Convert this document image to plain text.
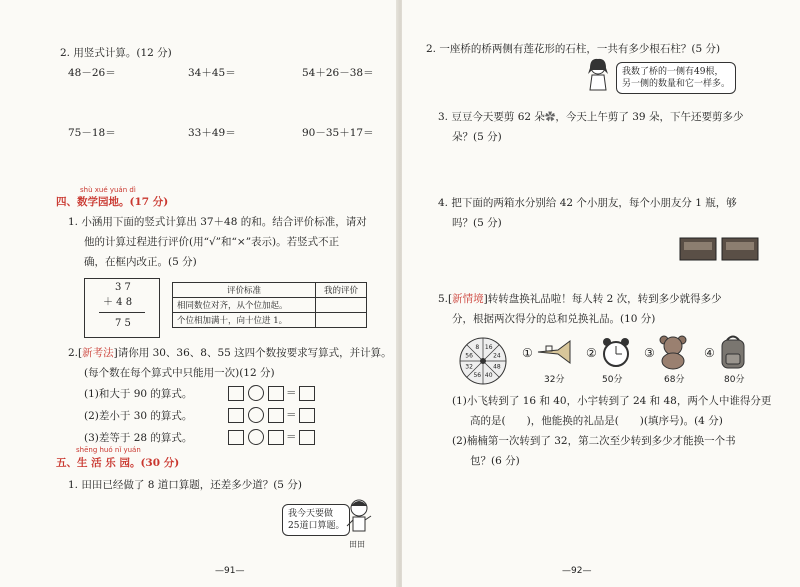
2. 用竖式计算。(12 分)
48－26＝	34＋45＝	54＋26－38＝
75－18＝	33＋49＝	90－35＋17＝
shù xué yuán dì
四、数学园地。(17 分)
1. 小涵用下面的竖式计算出 37＋48 的和。结合评价标准，请对
他的计算过程进行评价(用“√”和“×”表示)。若竖式不正
确，在框内改正。(5 分)
3 7
＋ 4 8
7 5
评价标准	我的评价
相同数位对齐，从个位加起。	
个位相加满十，向十位进 1。	
2.[新考法]请你用 30、36、8、55 这四个数按要求写算式，并计算。
(每个数在每个算式中只能用一次)(12 分)
(1)和大于 90 的算式。	＝
(2)差小于 30 的算式。	＝
(3)差等于 28 的算式。	＝
shēng huó nǐ yuán
五、生 活 乐 园。(30 分)
1. 田田已经做了 8 道口算题，还差多少道？(5 分)
我今天要做
25道口算题。
田田
—91—
2. 一座桥的桥两侧有莲花形的石柱，一共有多少根石柱？(5 分)
我数了桥的一侧有49根，
另一侧的数量和它一样多。
3. 豆豆今天要剪 62 朵✿，今天上午剪了 39 朵，下午还要剪多少
朵？(5 分)
4. 把下面的两箱水分别给 42 个小朋友，每个小朋友分 1 瓶，够
吗？(5 分)
5.[新情境]转转盘换礼品啦！每人转 2 次，转到多少就得多少
分，根据两次得分的总和兑换礼品。(10 分)
16
24
48
40
56
32
56
8	①
32分
②
50分
③
68分
④
80分
(1)小飞转到了 16 和 40，小宇转到了 24 和 48，两个人中谁得分更
高的是(　　)，他能换的礼品是(　　)(填序号)。(4 分)
(2)楠楠第一次转到了 32，第二次至少转到多少才能换一个书
包？(6 分)
—92—
